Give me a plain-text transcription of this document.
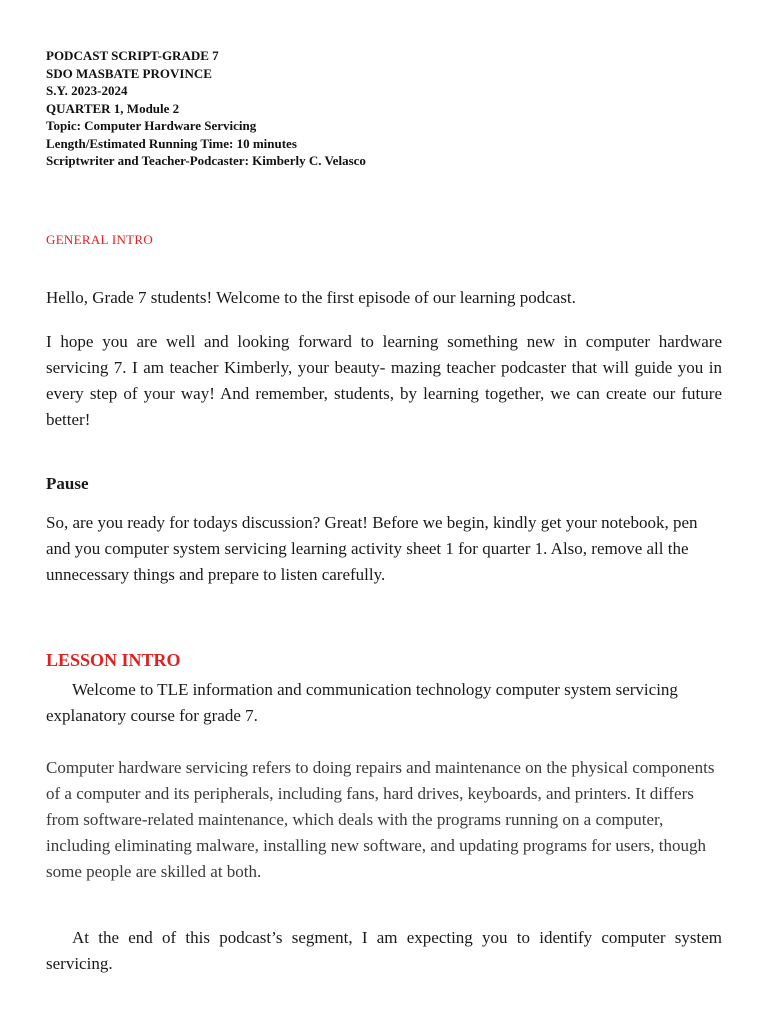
PODCAST SCRIPT-GRADE 7
SDO MASBATE PROVINCE
S.Y. 2023-2024
QUARTER 1, Module 2
Topic: Computer Hardware Servicing
Length/Estimated Running Time: 10 minutes
Scriptwriter and Teacher-Podcaster: Kimberly C. Velasco
GENERAL INTRO
Hello, Grade 7 students! Welcome to the first episode of our learning podcast.
I hope you are well and looking forward to learning something new in computer hardware servicing 7. I am teacher Kimberly, your beauty- mazing teacher podcaster that will guide you in every step of your way! And remember, students, by learning together, we can create our future better!
Pause
So, are you ready for todays discussion? Great! Before we begin, kindly get your notebook, pen and you computer system servicing learning activity sheet 1 for quarter 1. Also, remove all the unnecessary things and prepare to listen carefully.
LESSON INTRO
Welcome to TLE information and communication technology computer system servicing explanatory course for grade 7.
Computer hardware servicing refers to doing repairs and maintenance on the physical components of a computer and its peripherals, including fans, hard drives, keyboards, and printers. It differs from software-related maintenance, which deals with the programs running on a computer, including eliminating malware, installing new software, and updating programs for users, though some people are skilled at both.
At the end of this podcast’s segment, I am expecting you to identify computer system servicing.
